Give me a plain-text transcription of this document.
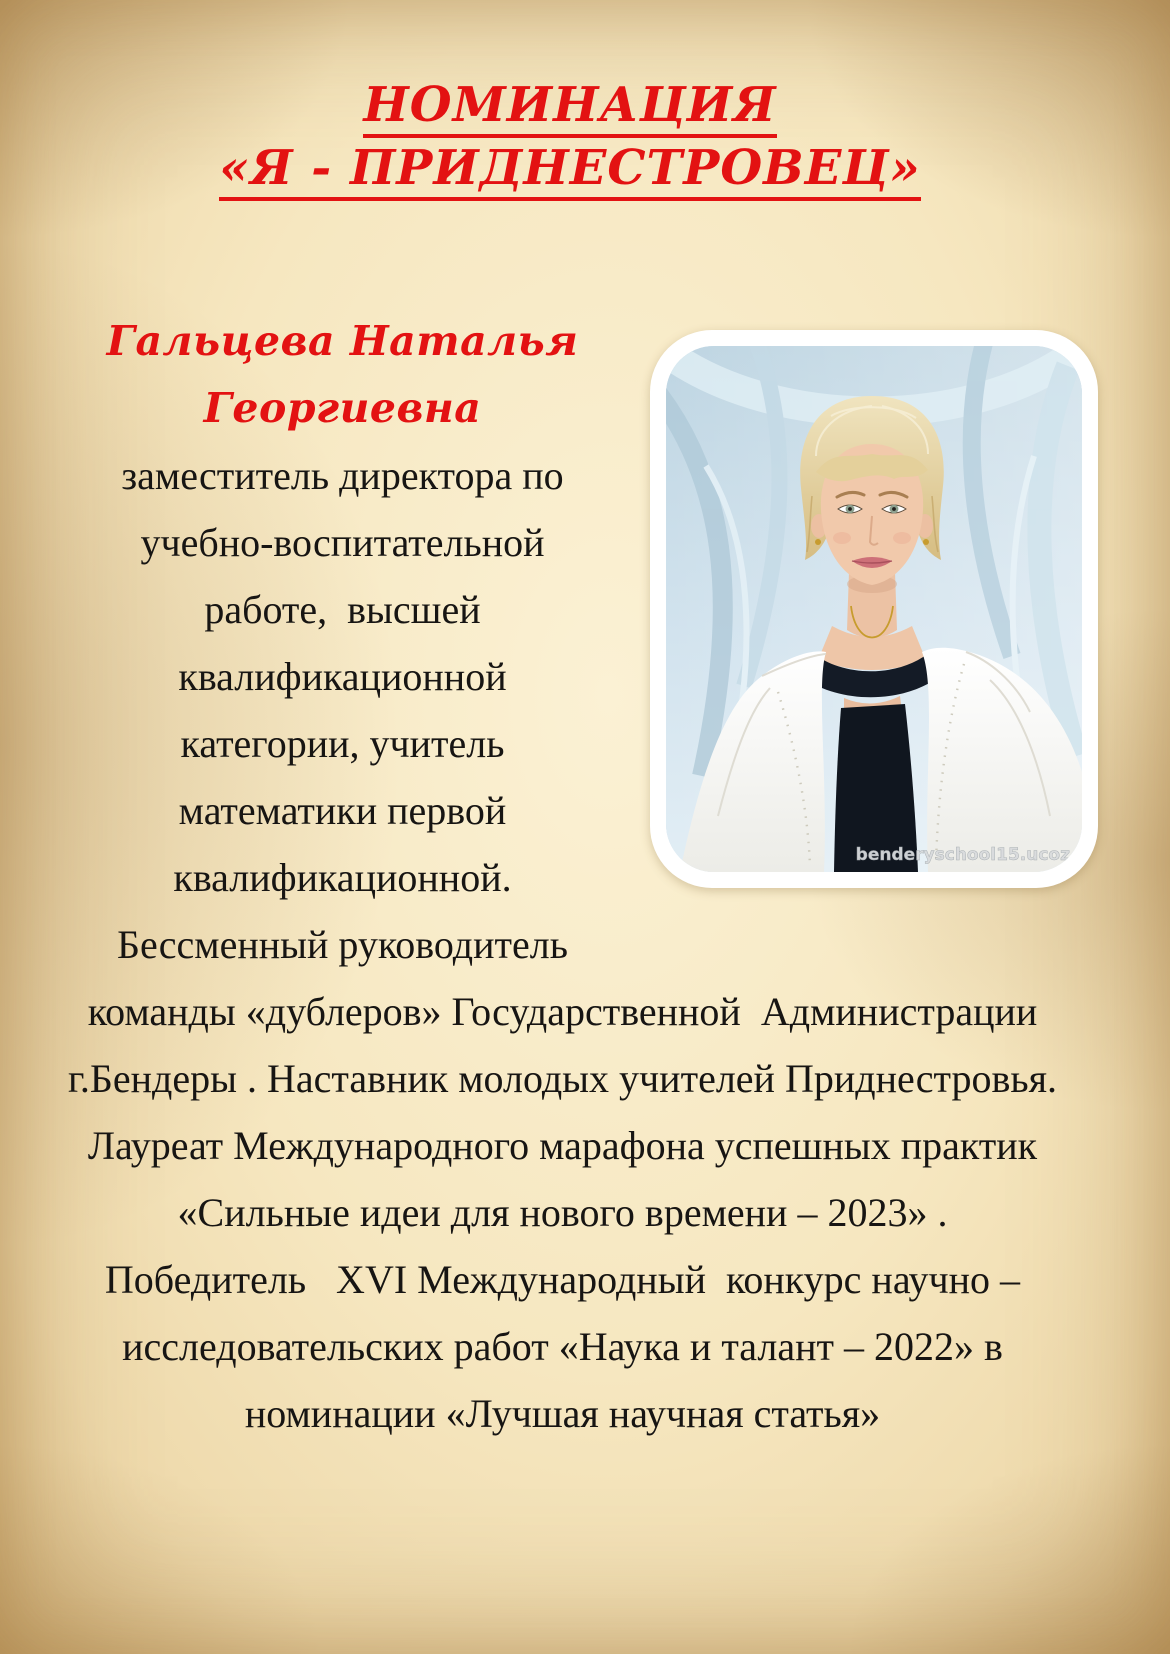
НОМИНАЦИЯ
«Я - ПРИДНЕСТРОВЕЦ»
Гальцева Наталья
Георгиевна
заместитель директора по
учебно-воспитательной
работе,  высшей
квалификационной
категории, учитель
математики первой
квалификационной.
Бессменный руководитель
команды «дублеров» Государственной  Администрации
г.Бендеры . Наставник молодых учителей Приднестровья.
Лауреат Международного марафона успешных практик
«Сильные идеи для нового времени – 2023» .
Победитель   XVI Международный  конкурс научно –
исследовательских работ «Наука и талант – 2022» в
номинации «Лучшая научная статья»
benderyschool15.ucoz
